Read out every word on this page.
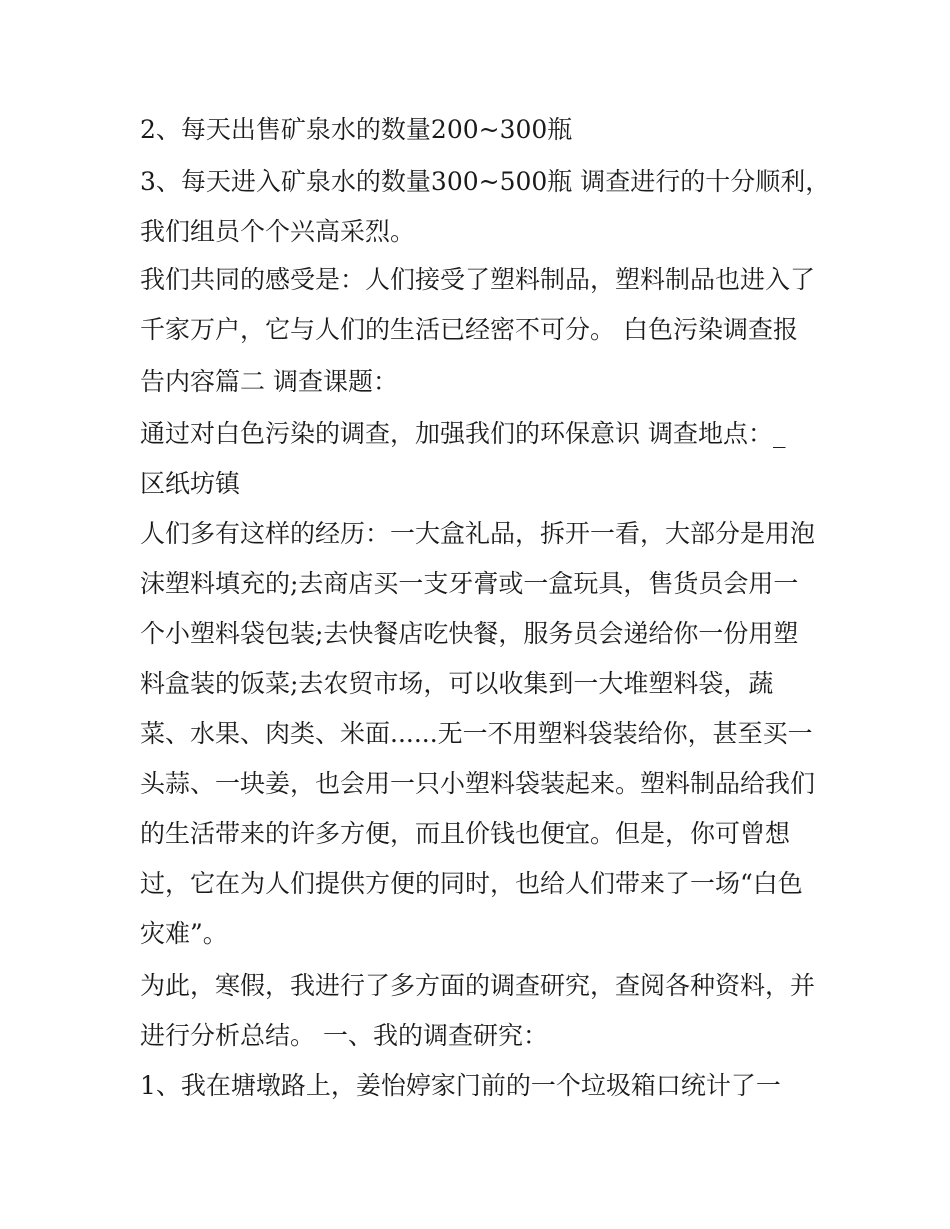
2、每天出售矿泉水的数量200~300瓶
3、每天进入矿泉水的数量300~500瓶 调查进行的十分顺利，
我们组员个个兴高采烈。
我们共同的感受是：人们接受了塑料制品，塑料制品也进入了
千家万户，它与人们的生活已经密不可分。 白色污染调查报
告内容篇二 调查课题：
通过对白色污染的调查，加强我们的环保意识 调查地点：_
区纸坊镇
人们多有这样的经历：一大盒礼品，拆开一看，大部分是用泡
沫塑料填充的;去商店买一支牙膏或一盒玩具，售货员会用一
个小塑料袋包装;去快餐店吃快餐，服务员会递给你一份用塑
料盒装的饭菜;去农贸市场，可以收集到一大堆塑料袋，蔬
菜、水果、肉类、米面......无一不用塑料袋装给你，甚至买一
头蒜、一块姜，也会用一只小塑料袋装起来。塑料制品给我们
的生活带来的许多方便，而且价钱也便宜。但是，你可曾想
过，它在为人们提供方便的同时，也给人们带来了一场“白色
灾难”。
为此，寒假，我进行了多方面的调查研究，查阅各种资料，并
进行分析总结。 一、我的调查研究：
1、我在塘墩路上，姜怡婷家门前的一个垃圾箱口统计了一
